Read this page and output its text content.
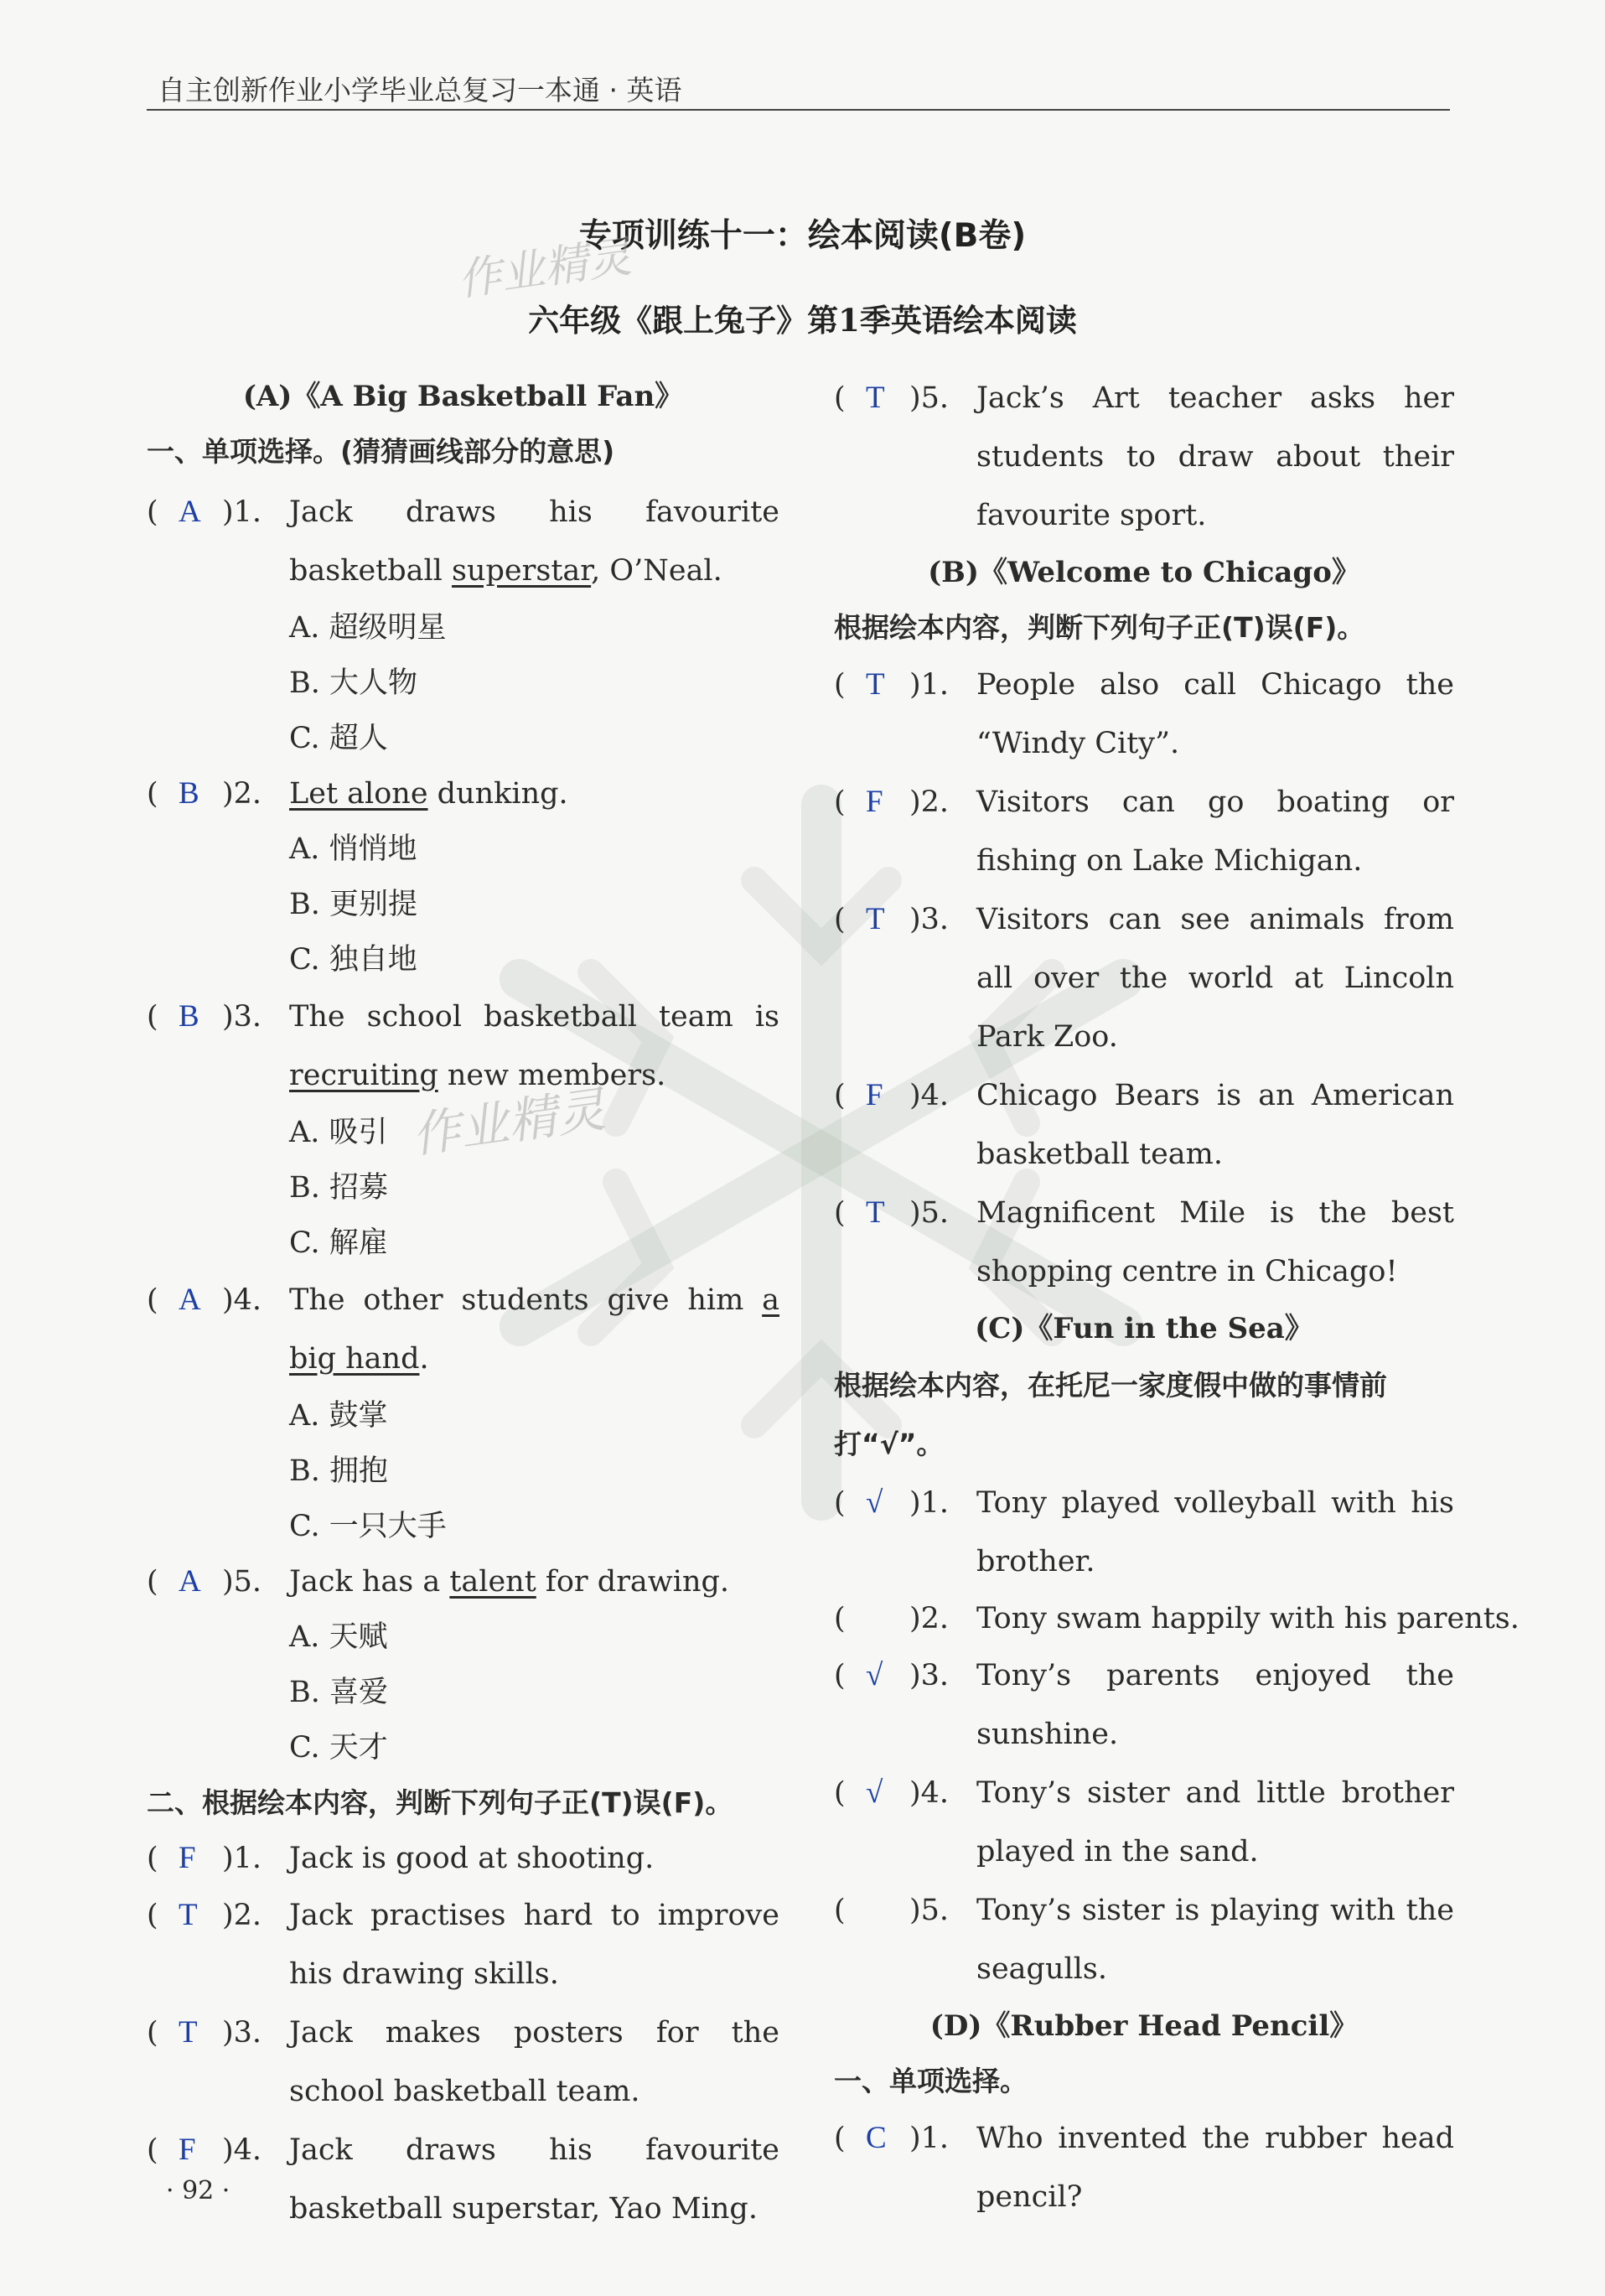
自主创新作业小学毕业总复习一本通 · 英语
专项训练十一：绘本阅读(B卷)
六年级《跟上兔子》第1季英语绘本阅读
作业精灵
作业精灵
(A)《A Big Basketball Fan》
一、单项选择。(猜猜画线部分的意思)
( A )1. Jack draws his favourite basketball superstar, O’Neal.
A. 超级明星
B. 大人物
C. 超人
( B )2. Let alone dunking.
A. 悄悄地
B. 更别提
C. 独自地
( B )3. The school basketball team is recruiting new members.
A. 吸引
B. 招募
C. 解雇
( A )4. The other students give him a big hand.
A. 鼓掌
B. 拥抱
C. 一只大手
( A )5. Jack has a talent for drawing.
A. 天赋
B. 喜爱
C. 天才
二、根据绘本内容，判断下列句子正(T)误(F)。
( F )1. Jack is good at shooting.
( T )2. Jack practises hard to improve his drawing skills.
( T )3. Jack makes posters for the school basketball team.
( F )4. Jack draws his favourite basketball superstar, Yao Ming.
( T )5. Jack’s Art teacher asks her students to draw about their favourite sport.
(B)《Welcome to Chicago》
根据绘本内容，判断下列句子正(T)误(F)。
( T )1. People also call Chicago the “Windy City”.
( F )2. Visitors can go boating or fishing on Lake Michigan.
( T )3. Visitors can see animals from all over the world at Lincoln Park Zoo.
( F )4. Chicago Bears is an American basketball team.
( T )5. Magnificent Mile is the best shopping centre in Chicago!
(C)《Fun in the Sea》
根据绘本内容，在托尼一家度假中做的事情前打“√”。
( √ )1. Tony played volleyball with his brother.
( )2. Tony swam happily with his parents.
( √ )3. Tony’s parents enjoyed the sunshine.
( √ )4. Tony’s sister and little brother played in the sand.
( )5. Tony’s sister is playing with the seagulls.
(D)《Rubber Head Pencil》
一、单项选择。
( C )1. Who invented the rubber head pencil?
· 92 ·
